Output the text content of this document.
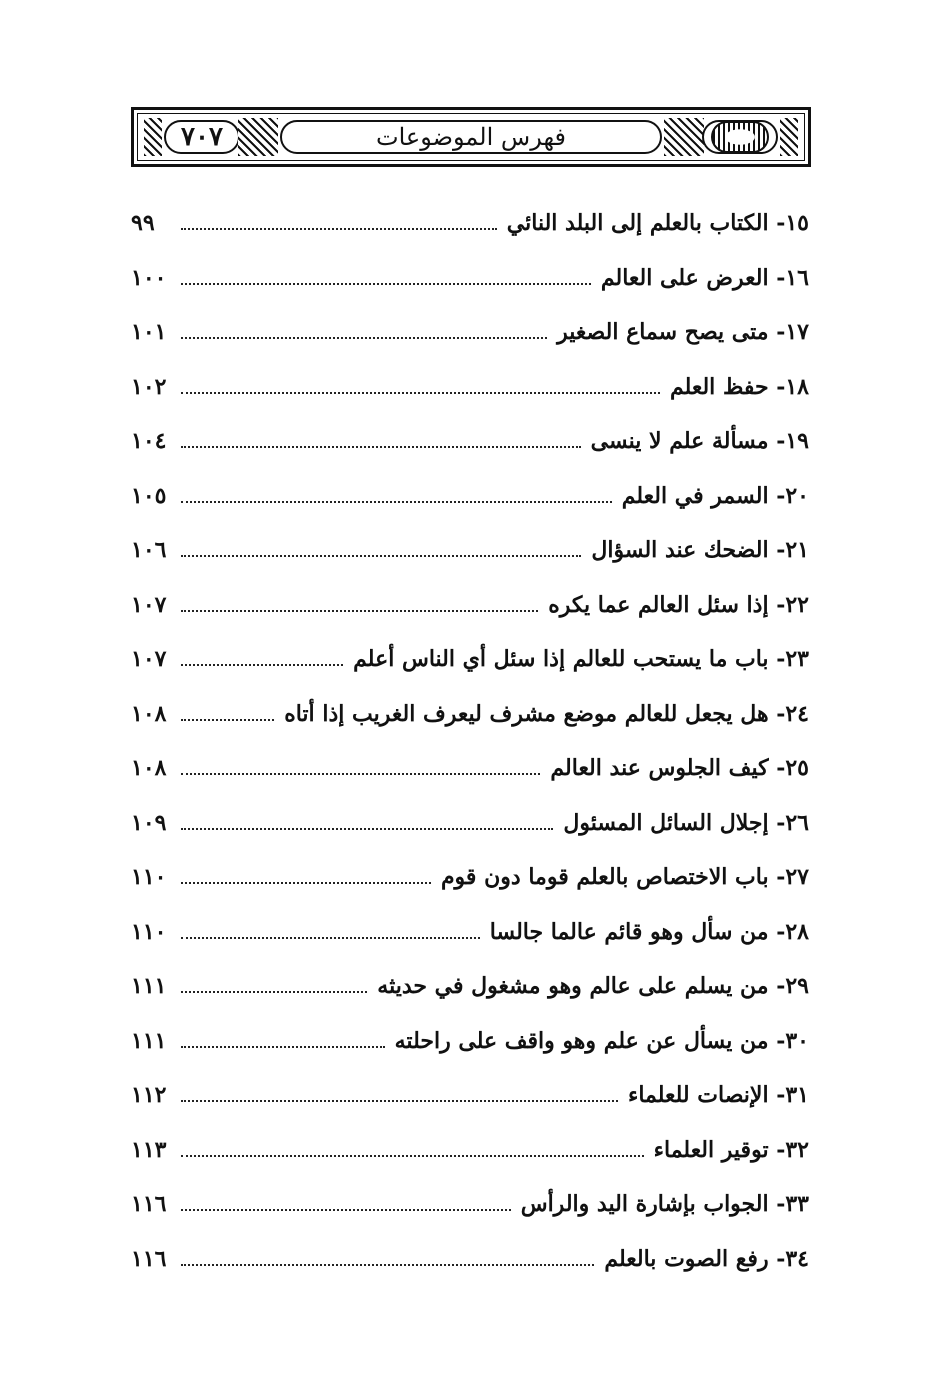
٧٠٧	فهرس الموضوعات
١٥- الكتاب بالعلم إلى البلد النائي
٩٩
١٦- العرض على العالم
١٠٠
١٧- متى يصح سماع الصغير
١٠١
١٨- حفظ العلم
١٠٢
١٩- مسألة علم لا ينسى
١٠٤
٢٠- السمر في العلم
١٠٥
٢١- الضحك عند السؤال
١٠٦
٢٢- إذا سئل العالم عما يكره
١٠٧
٢٣- باب ما يستحب للعالم إذا سئل أي الناس أعلم
١٠٧
٢٤- هل يجعل للعالم موضع مشرف ليعرف الغريب إذا أتاه
١٠٨
٢٥- كيف الجلوس عند العالم
١٠٨
٢٦- إجلال السائل المسئول
١٠٩
٢٧- باب الاختصاص بالعلم قوما دون قوم
١١٠
٢٨- من سأل وهو قائم عالما جالسا
١١٠
٢٩- من يسلم على عالم وهو مشغول في حديثه
١١١
٣٠- من يسأل عن علم وهو واقف على راحلته
١١١
٣١- الإنصات للعلماء
١١٢
٣٢- توقير العلماء
١١٣
٣٣- الجواب بإشارة اليد والرأس
١١٦
٣٤- رفع الصوت بالعلم
١١٦
